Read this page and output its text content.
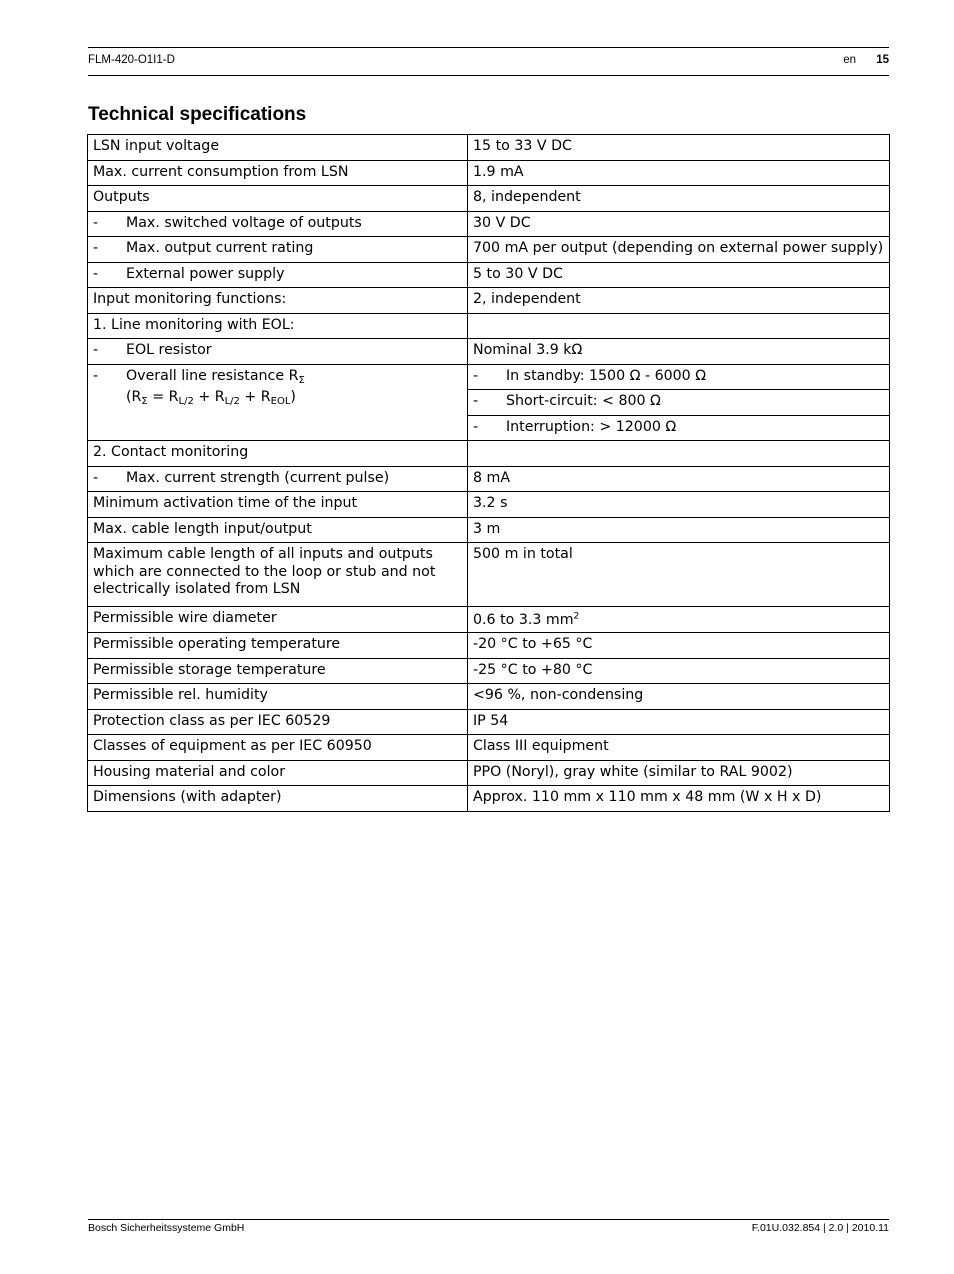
FLM-420-O1I1-D	en 15
Technical specifications
LSN input voltage	15 to 33 V DC
Max. current consumption from LSN	1.9 mA
Outputs	8, independent
- Max. switched voltage of outputs	30 V DC
- Max. output current rating	700 mA per output (depending on external power supply)
- External power supply	5 to 30 V DC
Input monitoring functions:	2, independent
1. Line monitoring with EOL:	
- EOL resistor	Nominal 3.9 kΩ

- Overall line resistance $R_\Sigma$
$(R_\Sigma = R_{L/2} + R_{L/2} + R_{EOL})$	- In standby: 1500 Ω - 6000 Ω
	- Short-circuit: < 800 Ω
	- Interruption: > 12000 Ω
2. Contact monitoring	
- Max. current strength (current pulse)	8 mA
Minimum activation time of the input	3.2 s
Max. cable length input/output	3 m
Maximum cable length of all inputs and outputs which are connected to the loop or stub and not electrically isolated from LSN	500 m in total
Permissible wire diameter	0.6 to 3.3 $mm^2$
Permissible operating temperature	-20 °C to +65 °C
Permissible storage temperature	-25 °C to +80 °C
Permissible rel. humidity	<96 %, non-condensing
Protection class as per IEC 60529	IP 54
Classes of equipment as per IEC 60950	Class III equipment
Housing material and color	PPO (Noryl), gray white (similar to RAL 9002)
Dimensions (with adapter)	Approx. 110 mm x 110 mm x 48 mm (W x H x D)
Bosch Sicherheitssysteme GmbH	F.01U.032.854 | 2.0 | 2010.11
